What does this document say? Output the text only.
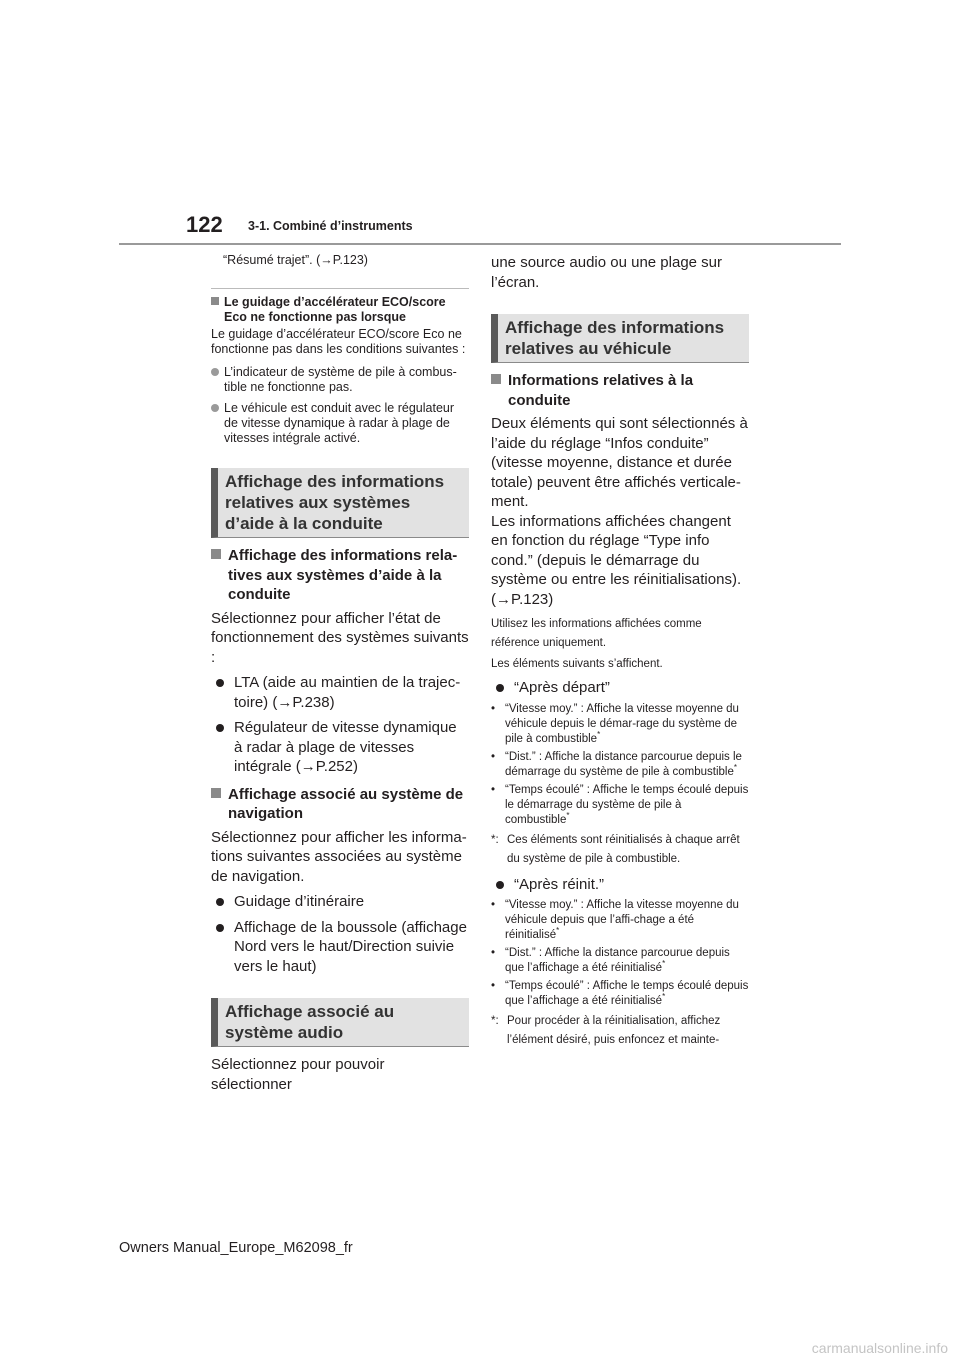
122 3-1. Combiné d’instruments
“Résumé trajet”. (→P.123)
Le guidage d’accélérateur ECO/score Eco ne fonctionne pas lorsque
Le guidage d’accélérateur ECO/score Eco ne fonctionne pas dans les conditions suivantes :
L’indicateur de système de pile à combus-tible ne fonctionne pas.
Le véhicule est conduit avec le régulateur de vitesse dynamique à radar à plage de vitesses intégrale activé.
Affichage des informations relatives aux systèmes d’aide à la conduite
Affichage des informations rela-tives aux systèmes d’aide à la conduite
Sélectionnez pour afficher l’état de fonctionnement des systèmes suivants :
LTA (aide au maintien de la trajec-toire) (→P.238)
Régulateur de vitesse dynamique à radar à plage de vitesses intégrale (→P.252)
Affichage associé au système de navigation
Sélectionnez pour afficher les informa-tions suivantes associées au système de navigation.
Guidage d’itinéraire
Affichage de la boussole (affichage Nord vers le haut/Direction suivie vers le haut)
Affichage associé au système audio
Sélectionnez pour pouvoir sélectionner
une source audio ou une plage sur l’écran.
Affichage des informations relatives au véhicule
Informations relatives à la conduite
Deux éléments qui sont sélectionnés à l’aide du réglage “Infos conduite” (vitesse moyenne, distance et durée totale) peuvent être affichés verticale-ment.
Les informations affichées changent en fonction du réglage “Type info cond.” (depuis le démarrage du système ou entre les réinitialisations). (→P.123)
Utilisez les informations affichées comme référence uniquement.
Les éléments suivants s’affichent.
“Après départ”
• “Vitesse moy.” : Affiche la vitesse moyenne du véhicule depuis le démar-rage du système de pile à combustible*
• “Dist.” : Affiche la distance parcourue depuis le démarrage du système de pile à combustible*
• “Temps écoulé” : Affiche le temps écoulé depuis le démarrage du système de pile à combustible*
*: Ces éléments sont réinitialisés à chaque arrêt du système de pile à combustible.
“Après réinit.”
• “Vitesse moy.” : Affiche la vitesse moyenne du véhicule depuis que l’affi-chage a été réinitialisé*
• “Dist.” : Affiche la distance parcourue depuis que l’affichage a été réinitialisé*
• “Temps écoulé” : Affiche le temps écoulé depuis que l’affichage a été réinitialisé*
*: Pour procéder à la réinitialisation, affichez l’élément désiré, puis enfoncez et mainte-
Owners Manual_Europe_M62098_fr
carmanualsonline.info
